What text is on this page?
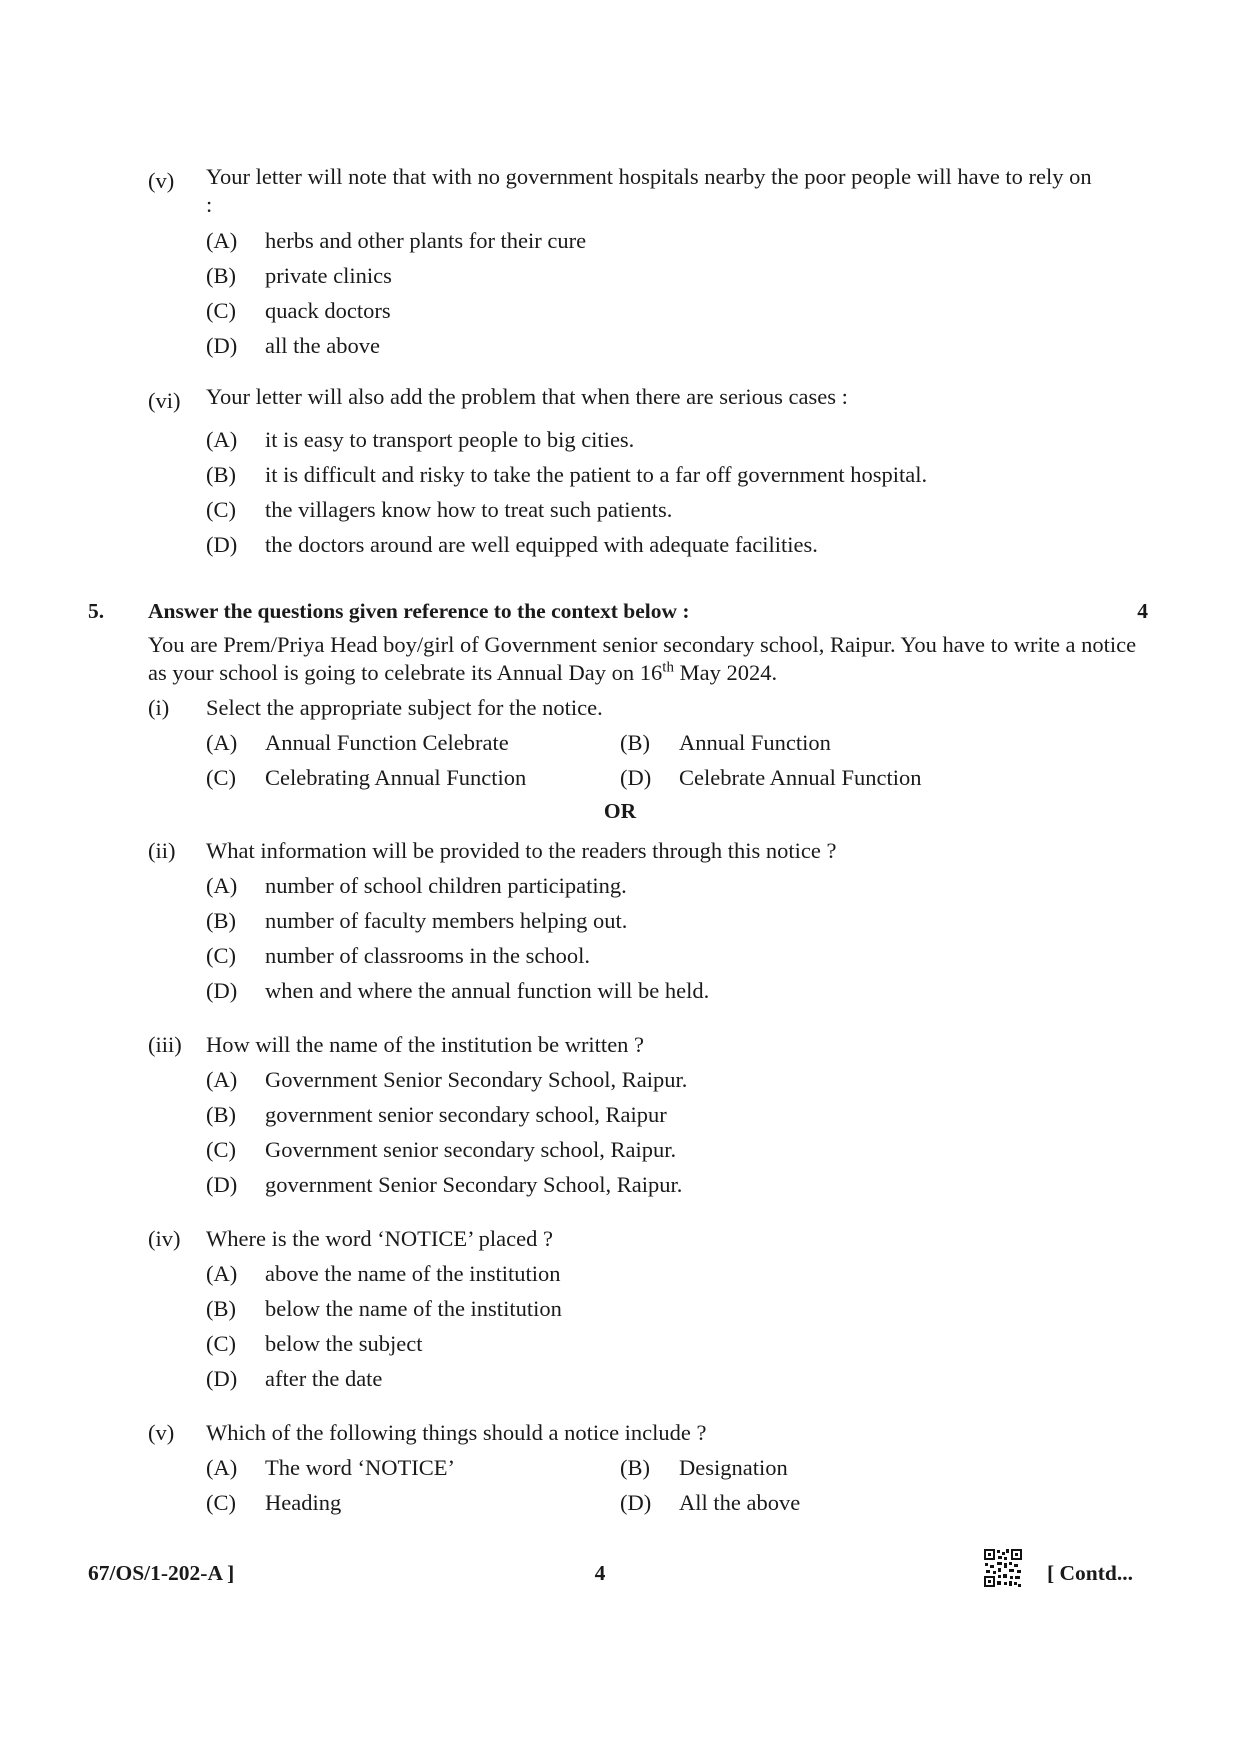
(v)	Your letter will note that with no government hospitals nearby the poor people will have to rely on :
(A)	herbs and other plants for their cure
(B)	private clinics
(C)	quack doctors
(D)	all the above
(vi)	Your letter will also add the problem that when there are serious cases :
(A)	it is easy to transport people to big cities.
(B)	it is difficult and risky to take the patient to a far off government hospital.
(C)	the villagers know how to treat such patients.
(D)	the doctors around are well equipped with adequate facilities.
5.	Answer the questions given reference to the context below :	4
You are Prem/Priya Head boy/girl of Government senior secondary school, Raipur. You have to write a notice as your school is going to celebrate its Annual Day on 16th May 2024.
(i)	Select the appropriate subject for the notice.
(A)	Annual Function Celebrate	(B)	Annual Function
(C)	Celebrating Annual Function	(D)	Celebrate Annual Function
OR
(ii)	What information will be provided to the readers through this notice ?
(A)	number of school children participating.
(B)	number of faculty members helping out.
(C)	number of classrooms in the school.
(D)	when and where the annual function will be held.
(iii)	How will the name of the institution be written ?
(A)	Government Senior Secondary School, Raipur.
(B)	government senior secondary school, Raipur
(C)	Government senior secondary school, Raipur.
(D)	government Senior Secondary School, Raipur.
(iv)	Where is the word ‘NOTICE’ placed ?
(A)	above the name of the institution
(B)	below the name of the institution
(C)	below the subject
(D)	after the date
(v)	Which of the following things should a notice include ?
(A)	The word ‘NOTICE’	(B)	Designation
(C)	Heading	(D)	All the above
67/OS/1-202-A ]	4	[ Contd...
